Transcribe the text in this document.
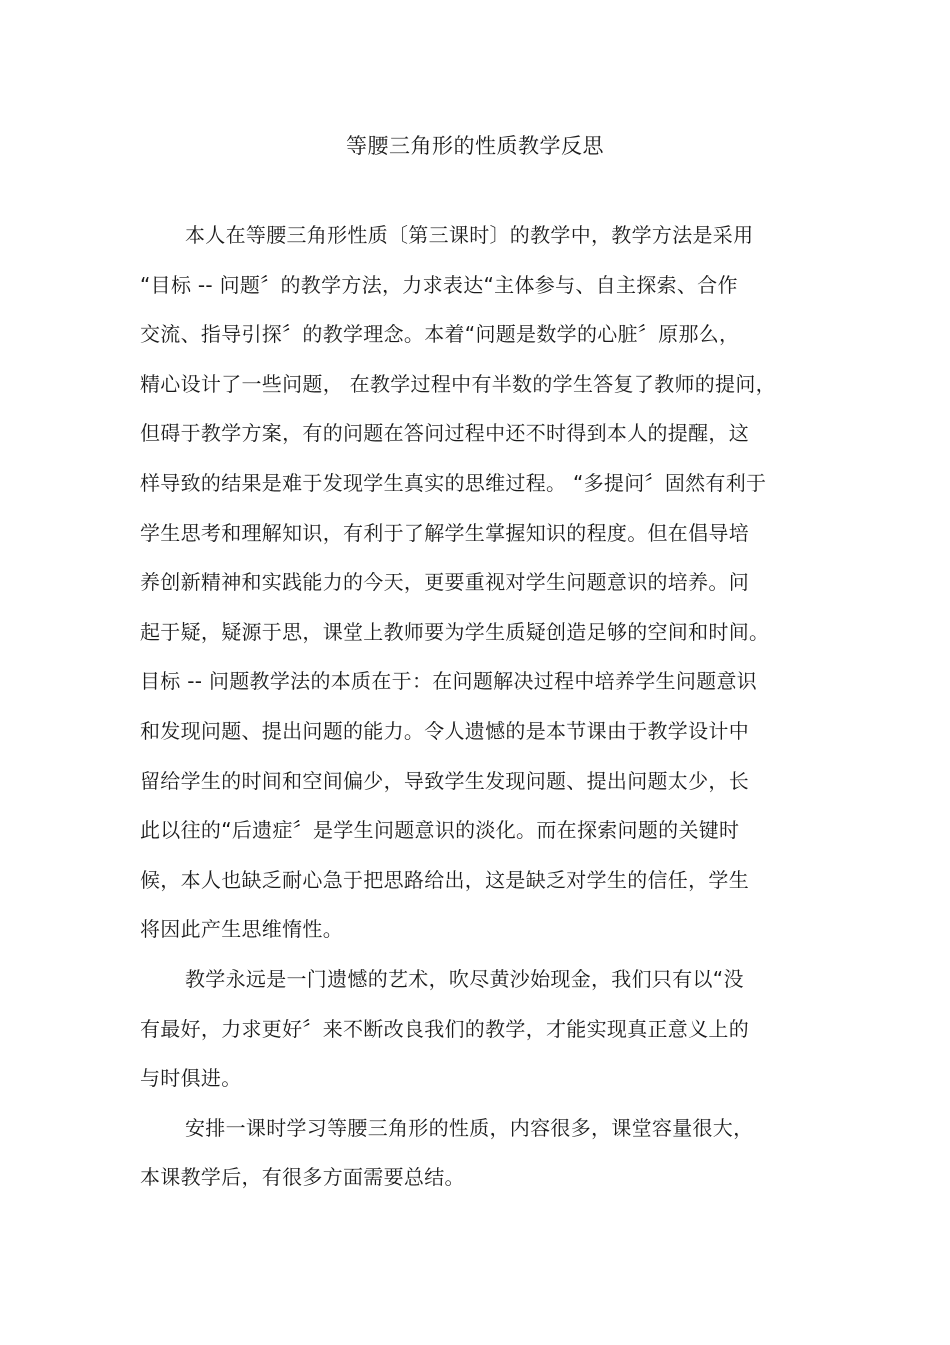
等腰三角形的性质教学反思
本人在等腰三角形性质〔第三课时〕的教学中，教学方法是采用
“目标 -- 问题〞的教学方法，力求表达“主体参与、自主探索、合作
交流、指导引探〞的教学理念。本着“问题是数学的心脏〞原那么，
精心设计了一些问题， 在教学过程中有半数的学生答复了教师的提问，
但碍于教学方案，有的问题在答问过程中还不时得到本人的提醒，这
样导致的结果是难于发现学生真实的思维过程。 “多提问〞固然有利于
学生思考和理解知识，有利于了解学生掌握知识的程度。但在倡导培
养创新精神和实践能力的今天，更要重视对学生问题意识的培养。问
起于疑，疑源于思，课堂上教师要为学生质疑创造足够的空间和时间。
目标 -- 问题教学法的本质在于：在问题解决过程中培养学生问题意识
和发现问题、提出问题的能力。令人遗憾的是本节课由于教学设计中
留给学生的时间和空间偏少，导致学生发现问题、提出问题太少，长
此以往的“后遗症〞是学生问题意识的淡化。而在探索问题的关键时
候，本人也缺乏耐心急于把思路给出，这是缺乏对学生的信任，学生
将因此产生思维惰性。
教学永远是一门遗憾的艺术，吹尽黄沙始现金，我们只有以“没
有最好，力求更好〞来不断改良我们的教学，才能实现真正意义上的
与时俱进。
安排一课时学习等腰三角形的性质，内容很多，课堂容量很大，
本课教学后，有很多方面需要总结。
